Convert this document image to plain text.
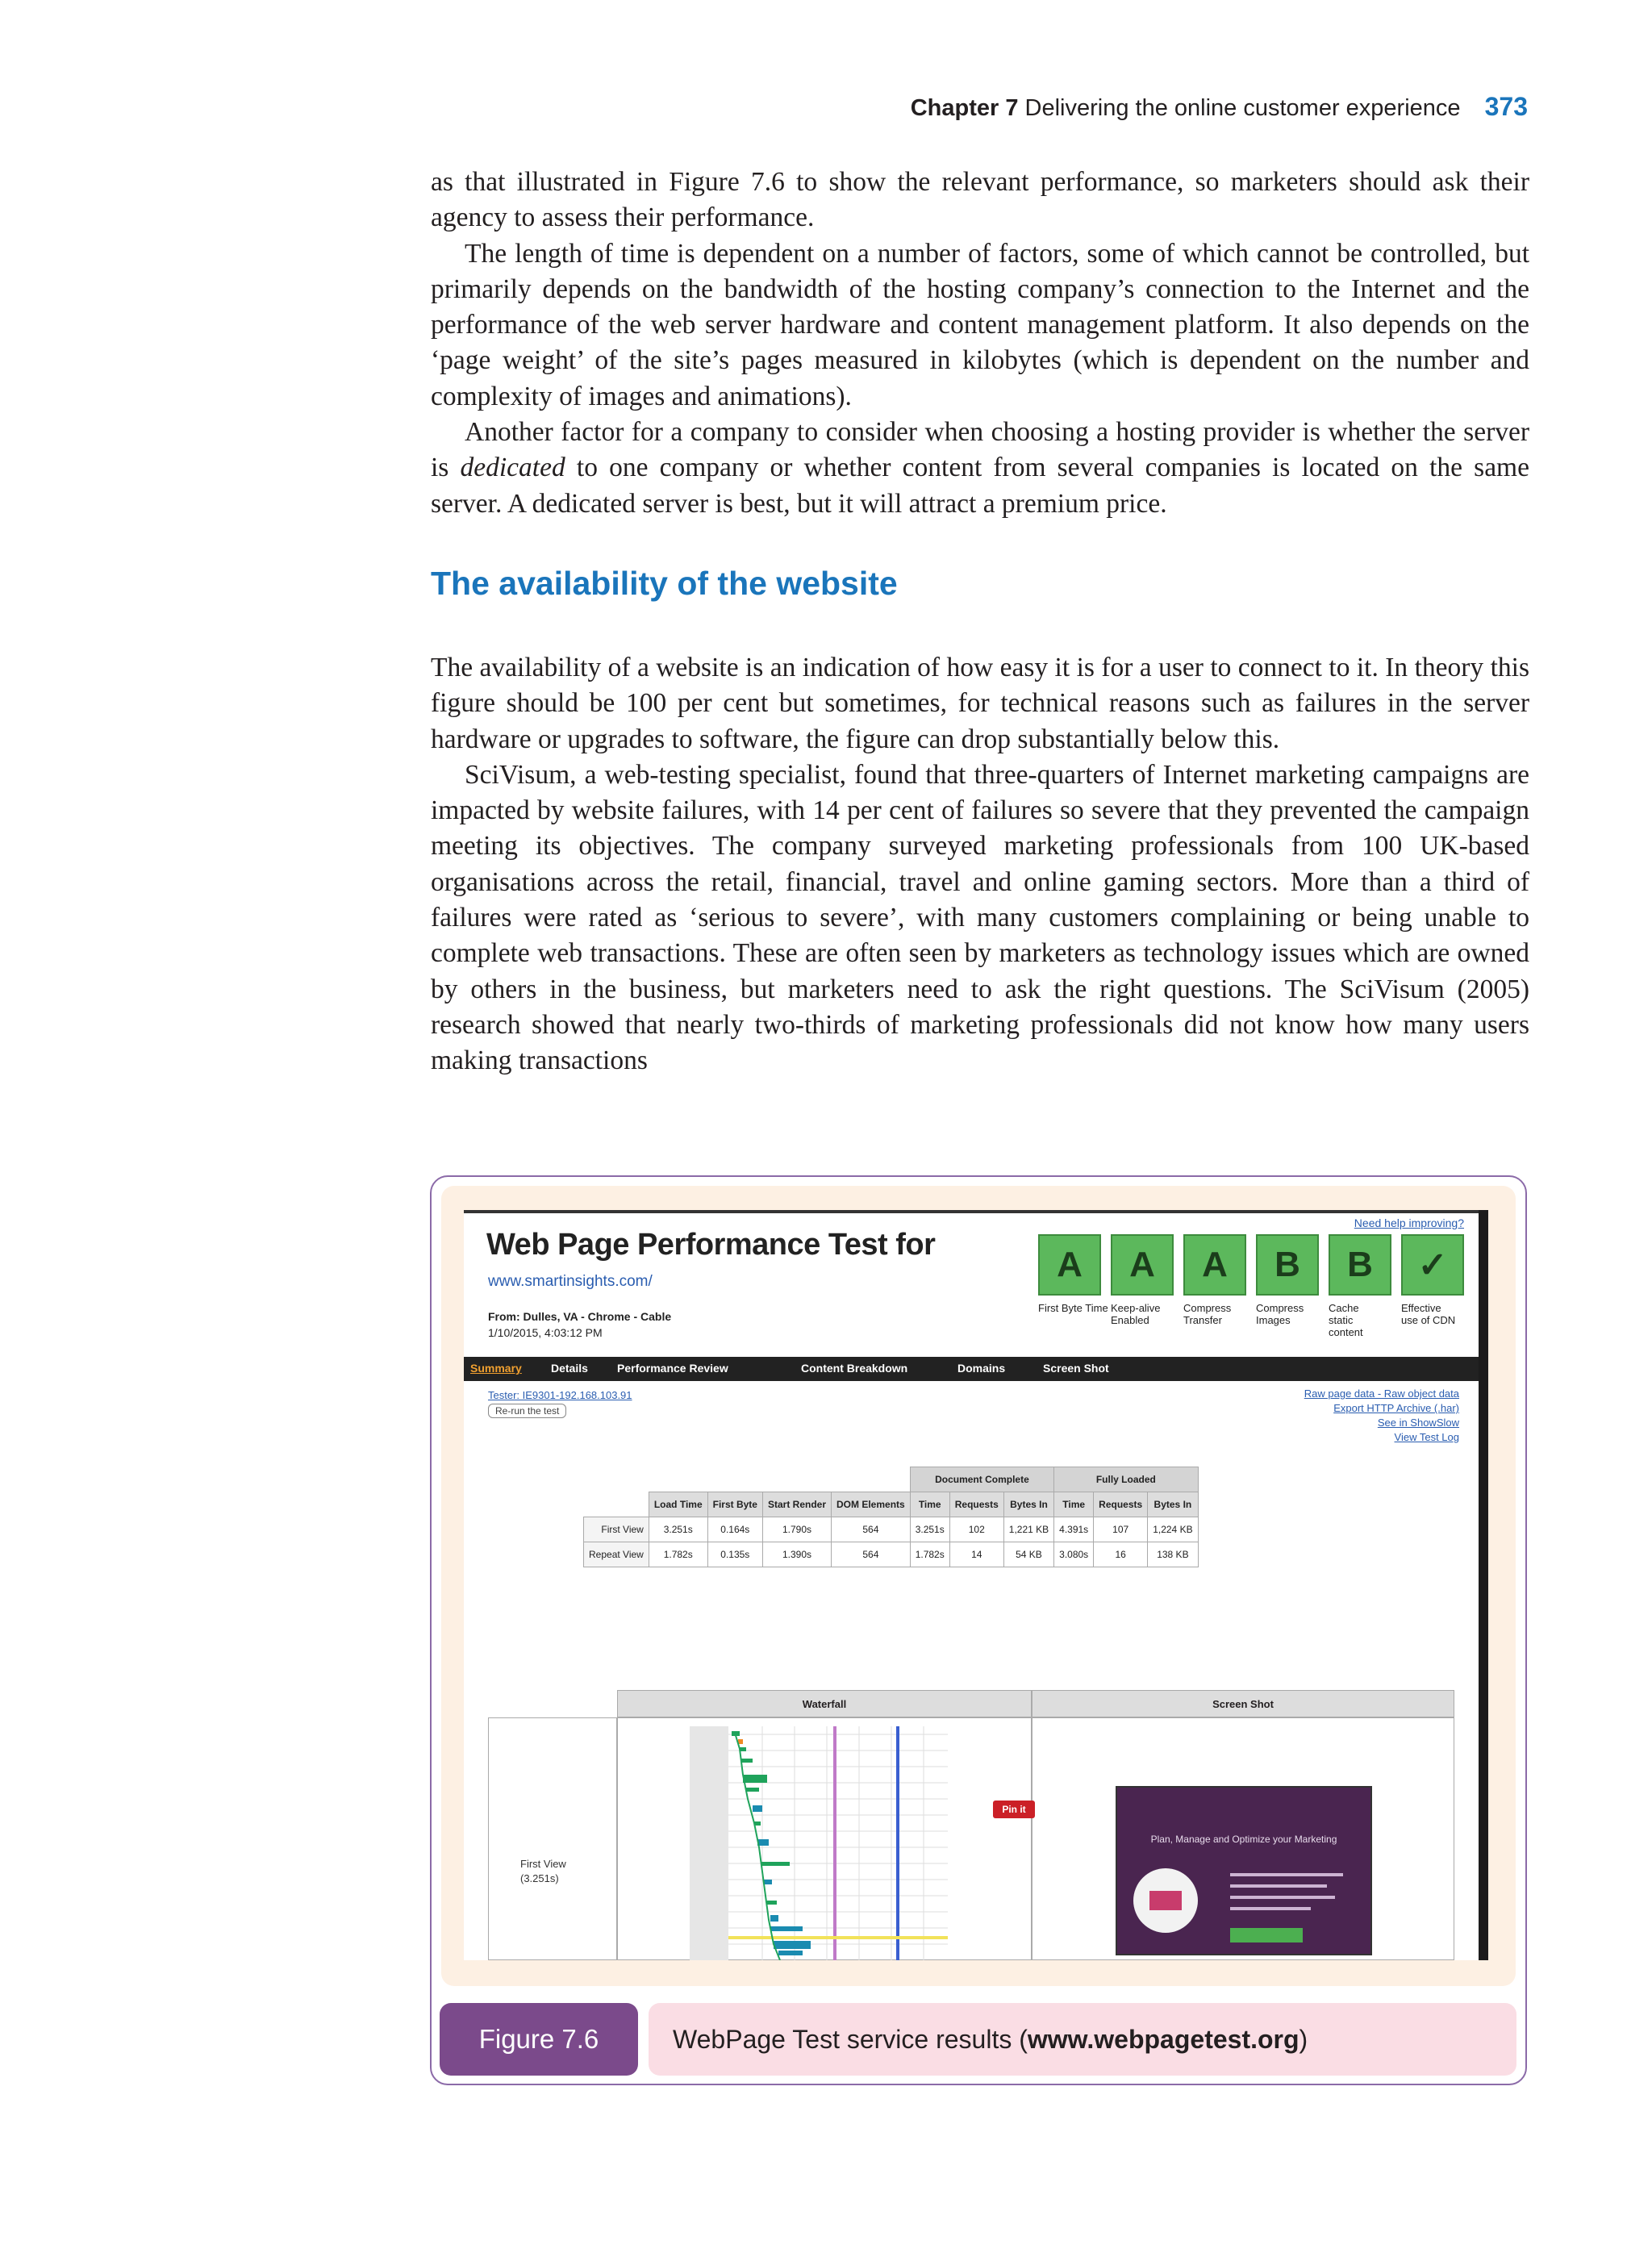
Chapter 7 Delivering the online customer experience 373

as that illustrated in Figure 7.6 to show the relevant performance, so marketers should ask their agency to assess their performance.

The length of time is dependent on a number of factors, some of which cannot be controlled, but primarily depends on the bandwidth of the hosting company’s connection to the Internet and the performance of the web server hardware and content management platform. It also depends on the ‘page weight’ of the site’s pages measured in kilobytes (which is dependent on the number and complexity of images and animations).

Another factor for a company to consider when choosing a hosting provider is whether the server is dedicated to one company or whether content from several companies is located on the same server. A dedicated server is best, but it will attract a premium price.

The availability of the website

The availability of a website is an indication of how easy it is for a user to connect to it. In theory this figure should be 100 per cent but sometimes, for technical reasons such as failures in the server hardware or upgrades to software, the figure can drop substantially below this.

SciVisum, a web-testing specialist, found that three-quarters of Internet marketing campaigns are impacted by website failures, with 14 per cent of failures so severe that they prevented the campaign meeting its objectives. The company surveyed marketing professionals from 100 UK-based organisations across the retail, financial, travel and online gaming sectors. More than a third of failures were rated as ‘serious to severe’, with many customers complaining or being unable to complete web transactions. These are often seen by marketers as technology issues which are owned by others in the business, but marketers need to ask the right questions. The SciVisum (2005) research showed that nearly two-thirds of marketing professionals did not know how many users making transactions

Need help improving?
Web Page Performance Test for
www.smartinsights.com/
From: Dulles, VA - Chrome - Cable
1/10/2015, 4:03:12 PM
A	A	A	B	B	✓
First Byte Time Keep-alive Enabled
Compress Transfer
Compress Images
Cache static content
Effective use of CDN
Summary	Details	Performance Review	Content Breakdown	Domains	Screen Shot
Tester: IE9301-192.168.103.91
Re-run the test
Raw page data - Raw object data
Export HTTP Archive (.har)
See in ShowSlow
View Test Log
					Document Complete			Fully Loaded		
	Load Time	First Byte	Start Render	DOM Elements	Time	Requests	Bytes In	Time	Requests	Bytes In
First View	3.251s	0.164s	1.790s	564	3.251s	102	1,221 KB	4.391s	107	1,224 KB
Repeat View	1.782s	0.135s	1.390s	564	1.782s	14	54 KB	3.080s	16	138 KB
Waterfall	Screen Shot
First View
(3.251s)
Pin it
Plan, Manage and Optimize your Marketing
Figure 7.6	WebPage Test service results ( www.webpagetest.org )
